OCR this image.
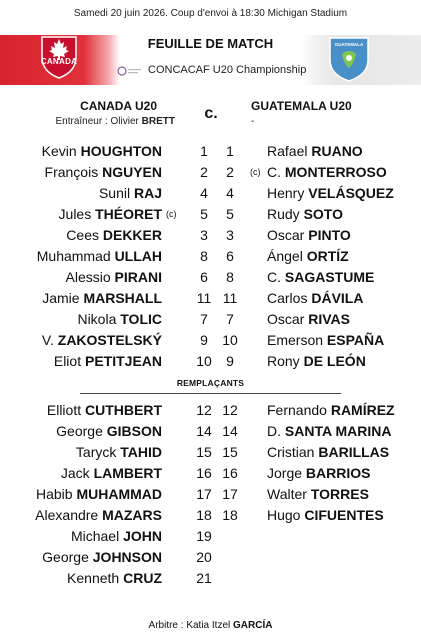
Samedi 20 juin 2026. Coup d'envoi à 18:30 Michigan Stadium
CANADA
GUATEMALA
FEUILLE DE MATCH
CONCACAF U20 Championship
CANADA U20
Entraîneur : Olivier BRETT	c.	GUATEMALA U20
-
Kevin HOUGHTON	1	1	Rafael RUANO
François NGUYEN	2	2	(c) C. MONTERROSO
Sunil RAJ	4	4	Henry VELÁSQUEZ
Jules THÉORET (c)	5	5	Rudy SOTO
Cees DEKKER	3	3	Oscar PINTO
Muhammad ULLAH	8	6	Ángel ORTÍZ
Alessio PIRANI	6	8	C. SAGASTUME
Jamie MARSHALL 11 11 Carlos DÁVILA
Nikola TOLIC	7	7	Oscar RIVAS
V. ZAKOSTELSKÝ	9	10 Emerson ESPAÑA
Eliot PETITJEAN 10	9	Rony DE LEÓN
REMPLAÇANTS
Elliott CUTHBERT 12 12 Fernando RAMÍREZ
George GIBSON 14 14 D. SANTA MARINA
Taryck TAHID 15 15 Cristian BARILLAS
Jack LAMBERT 16 16 Jorge BARRIOS
Habib MUHAMMAD 17 17 Walter TORRES
Alexandre MAZARS 18 18 Hugo CIFUENTES
Michael JOHN 19
George JOHNSON 20
Kenneth CRUZ 21
Arbitre : Katia Itzel GARCÍA
